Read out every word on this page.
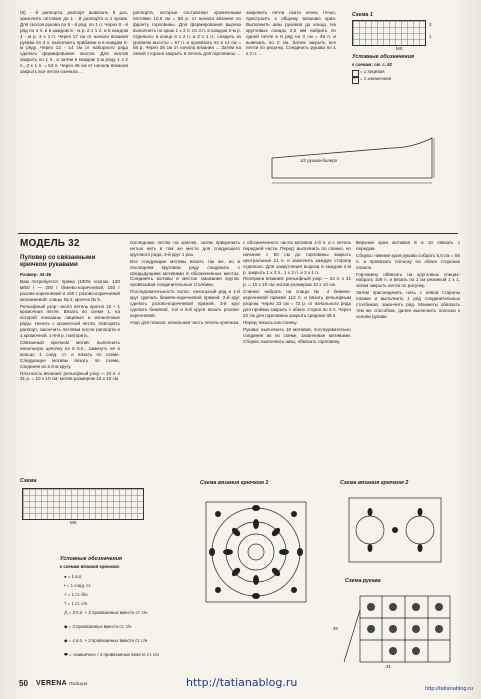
(6) - й раппорта, раппорт вывязать 5 раз, закончить петлями до 1 - й раппорта и 1 кромк. Для скосов рукава по 6 - й ряд, по 1 п. Через 8 - й ряд по 4 п. и в каждом 6 - м р. 2 x 1 п. и в каждом 4 - м р. 3 x 1 п. Через 17 см от начала вязания рукава по 3 п. выполнить прибавки и в каждом 6-м ряду. Через 12 - 14 см от наборного ряда сделать формирование окатов. Для окатов закрыть по 1 п., а затем в каждом 2-м ряду 1 x 2 п., 2 x 1 п. = 63 п. Через 46 см от начала вязания закрыть все петли сначала ...

раппорта, которые составляют кромочными петлями 10,5 см = 58 р. от начала вязания по фронту горловины. Для формирования выреза выполнить по краю 1 x 2 п. по 3 п. в каждом 2-м р. отдельно, в конце 3 x 2 п. и 2 x 1 п., следить за уровнем высоты = 57 п. и провязать по в 14 см = 56 р. Через 36 см от начала вязания ... Затем на левой стороне закрыть 6 петель для горловины ...

закрепить петли оката очень точно, пристроить к общему вязанию края. Выполнить швы рукавов до конца. На кругловых спицах 2,5 мм набрать по одной петле в 8 ряд на 3 см = 46 п. и вывязать по 2 см. Затем закрыть все петли по рисунку. Соединить рукава по 1 x 2 п. ...

Схема 1
3
1
MS
Условные обозначения
к схемам: см. с. 62
= 1 лицевая
– = 1 изнаночная
1/2 рукава-болеро
МОДЕЛЬ 32
Пуловер со связанными крючком рукавами

Размер: 34-36

Вам потребуется: пряжа (100% хлопок, 130 м/50 г — 200 г бежево-коричневой, 150 г розово-коричневой и 150 г розово-коричневой меланжевой; спицы № 4; крючок № 5.

Рельефный узор: число петель кратно 16 + 1 кромочная петля. Вязать по схеме 1, на которой показаны лицевые и изнаночные ряды. Начать с кромочной петли, повторять раппорт, закончить петлями после раппорта и 1 кромочной. 1-8-й р. повторять.

Связанный крючком мотив: выполнить начальную цепочку из 8 в.п., замкнуть её в кольцо 1 соед. ст. и вязать по схеме. Следующие мотивы вязать по схеме, соединяя их в 6-м кругу.

Плотность вязания: рельефный узор — 24 п. х 31 р. = 10 х 10 см; мотив размером 10 х 10 см.

последнюю петлю на крючке, затем прикрепить нитью нить в том же месте для следующего кругового ряда, 2-й круг 1 раз.

Все следующие мотивы вязать так же, но в последнем круговом ряду соединить с предыдущими мотивами в обозначенных местах. Соединять мотивы в местах смыкания кругов, провязывая соединительные столбики.

Последовательность полос: начальный ряд и 1-й круг сделать бежево-коричневой пряжей, 2-й круг сделать розово-коричневой пряжей, 3-й круг сделать бежевой, 4-й и 5-й круги вязать розово-коричневой.

Узор для планок: начальная часть петель крючком.

с обозначенного числа мотивов 1-й п. и с петель передней части. Перед: выполнить по спинке, но начиная с 50 см до горловины закрыть центральные 21 п. и закончить каждую сторону отдельно. Для закругления выреза в каждом 2-м р. закрыть 1 x 3 п., 1 x 2 п. и 2 x 1 п.

Пелерина вязания: рельефный узор — 24 п. х 31 р. = 10 х 10 см; мотив размером 10 х 10 см.

Спинка: набрать на спицы № 4 бежево-коричневой пряжей 113 п. и вязать рельефным узором. Через 23 см = 72 р. от начального ряда для проймы закрыть с обеих сторон по 3 п. Через 22 см для горловины закрыть средние 39 п.

Перед: вязать как спинку.

Рукава: выполнить 10 мотивов, последовательно соединяя их по схеме, заканчивая мотивами. Сборка: выполнить швы, обвязать горловину.

Верхние края мотивов 9 и 10 связать с передом.

Сборка: нижние края рукава собрать 5,5 см = 56 п. и провязать полоску на обеих сторонах планок.

Горловину обвязать на кругловых спицах: набрать 108 п. и вязать по 1 см резинкой 1 x 1, затем закрыть петли по рисунку.

Затем присоединить нить с левой стороны планки и выполнить 1 ряд соединительных столбиков, закончить ряд. Манжеты обвязать тем же способом, далее выполнить полоски к основе рукава.

Схема
MS
Схема вязания крючком 1	Схема вязания крючком 2
Условные обозначения
к схемам вязания крючком:
● = 1 в.п.
• = 1 соед. ст.
+ = 1 ст. б/н
† = 1 ст. с/н
⋀ = 3 в.п. + 2 провязанных вместе ст. с/н
◆ = 3 провязанных вместе ст. с/н
◆ = 4 в.п. + 3 провязанных вместе ст. с/н
⬬ = «шишечка» / 4 провязанных вместе ст. с/н
Схема рукава
40
31
50 VERENA Подиум	http://tatianablog.ru	http://tatianablog.ru
